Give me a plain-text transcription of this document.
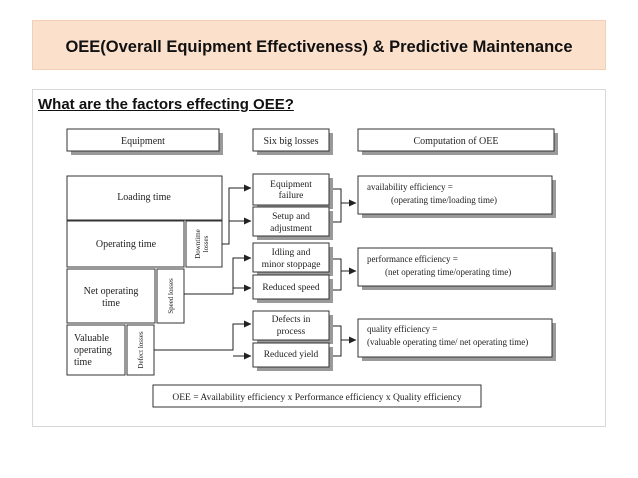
OEE(Overall Equipment Effectiveness) & Predictive Maintenance
What are the factors effecting OEE?
Equipment	Six big losses	Computation of OEE
Loading time
Operating time	Downtime losses
Net operating
time	Speed losses
Valuable
operating
time	Defect losses
Equipment
failure
Setup and
adjustment
Idling and
minor stoppage
Reduced speed
Defects in
process
Reduced yield
availability efficiency =
(operating time/loading time)
performance efficiency =
(net operating time/operating time)
quality efficiency =
(valuable operating time/ net operating time)
OEE = Availability efficiency x Performance efficiency x Quality efficiency
